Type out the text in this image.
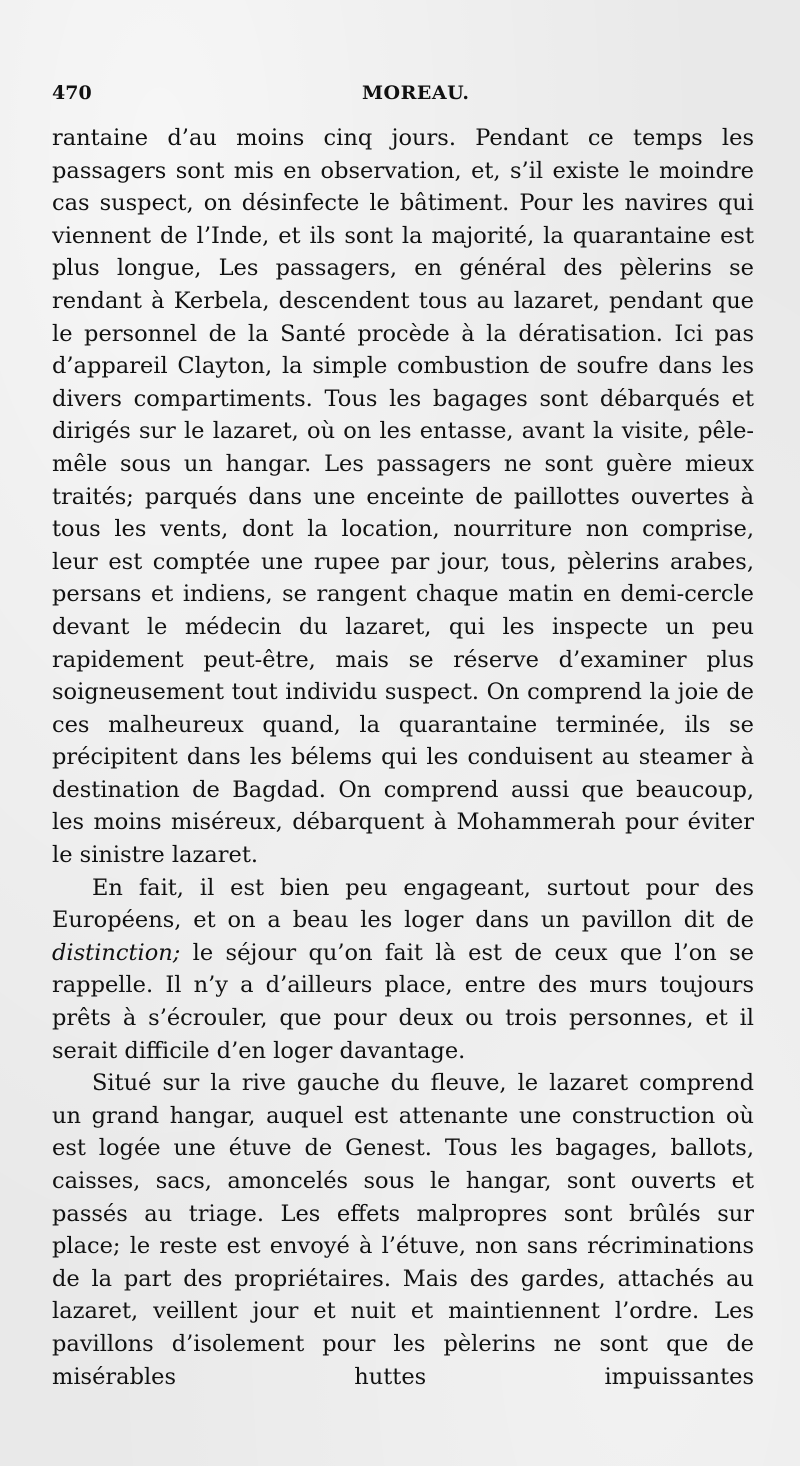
470	MOREAU.

rantaine d’au moins cinq jours. Pendant ce temps les passagers sont mis en observation, et, s’il existe le moindre cas suspect, on désinfecte le bâtiment. Pour les navires qui viennent de l’Inde, et ils sont la majorité, la quarantaine est plus longue, Les passagers, en général des pèlerins se rendant à Kerbela, descendent tous au lazaret, pendant que le personnel de la Santé procède à la dératisation. Ici pas d’appareil Clayton, la simple combustion de soufre dans les divers compartiments. Tous les bagages sont débarqués et dirigés sur le lazaret, où on les entasse, avant la visite, pêle-mêle sous un hangar. Les passagers ne sont guère mieux traités; parqués dans une enceinte de paillottes ouvertes à tous les vents, dont la location, nourriture non comprise, leur est comptée une rupee par jour, tous, pèlerins arabes, persans et indiens, se rangent chaque matin en demi-cercle devant le médecin du lazaret, qui les inspecte un peu rapidement peut-être, mais se réserve d’examiner plus soigneusement tout individu suspect. On comprend la joie de ces malheureux quand, la quarantaine terminée, ils se précipitent dans les bélems qui les conduisent au steamer à destination de Bagdad. On comprend aussi que beaucoup, les moins miséreux, débarquent à Mohammerah pour éviter le sinistre lazaret.

En fait, il est bien peu engageant, surtout pour des Européens, et on a beau les loger dans un pavillon dit de distinction; le séjour qu’on fait là est de ceux que l’on se rappelle. Il n’y a d’ailleurs place, entre des murs toujours prêts à s’écrouler, que pour deux ou trois personnes, et il serait difficile d’en loger davantage.

Situé sur la rive gauche du fleuve, le lazaret comprend un grand hangar, auquel est attenante une construction où est logée une étuve de Genest. Tous les bagages, ballots, caisses, sacs, amoncelés sous le hangar, sont ouverts et passés au triage. Les effets malpropres sont brûlés sur place; le reste est envoyé à l’étuve, non sans récriminations de la part des propriétaires. Mais des gardes, attachés au lazaret, veillent jour et nuit et maintiennent l’ordre. Les pavillons d’isolement pour les pèlerins ne sont que de misérables huttes impuissantes
